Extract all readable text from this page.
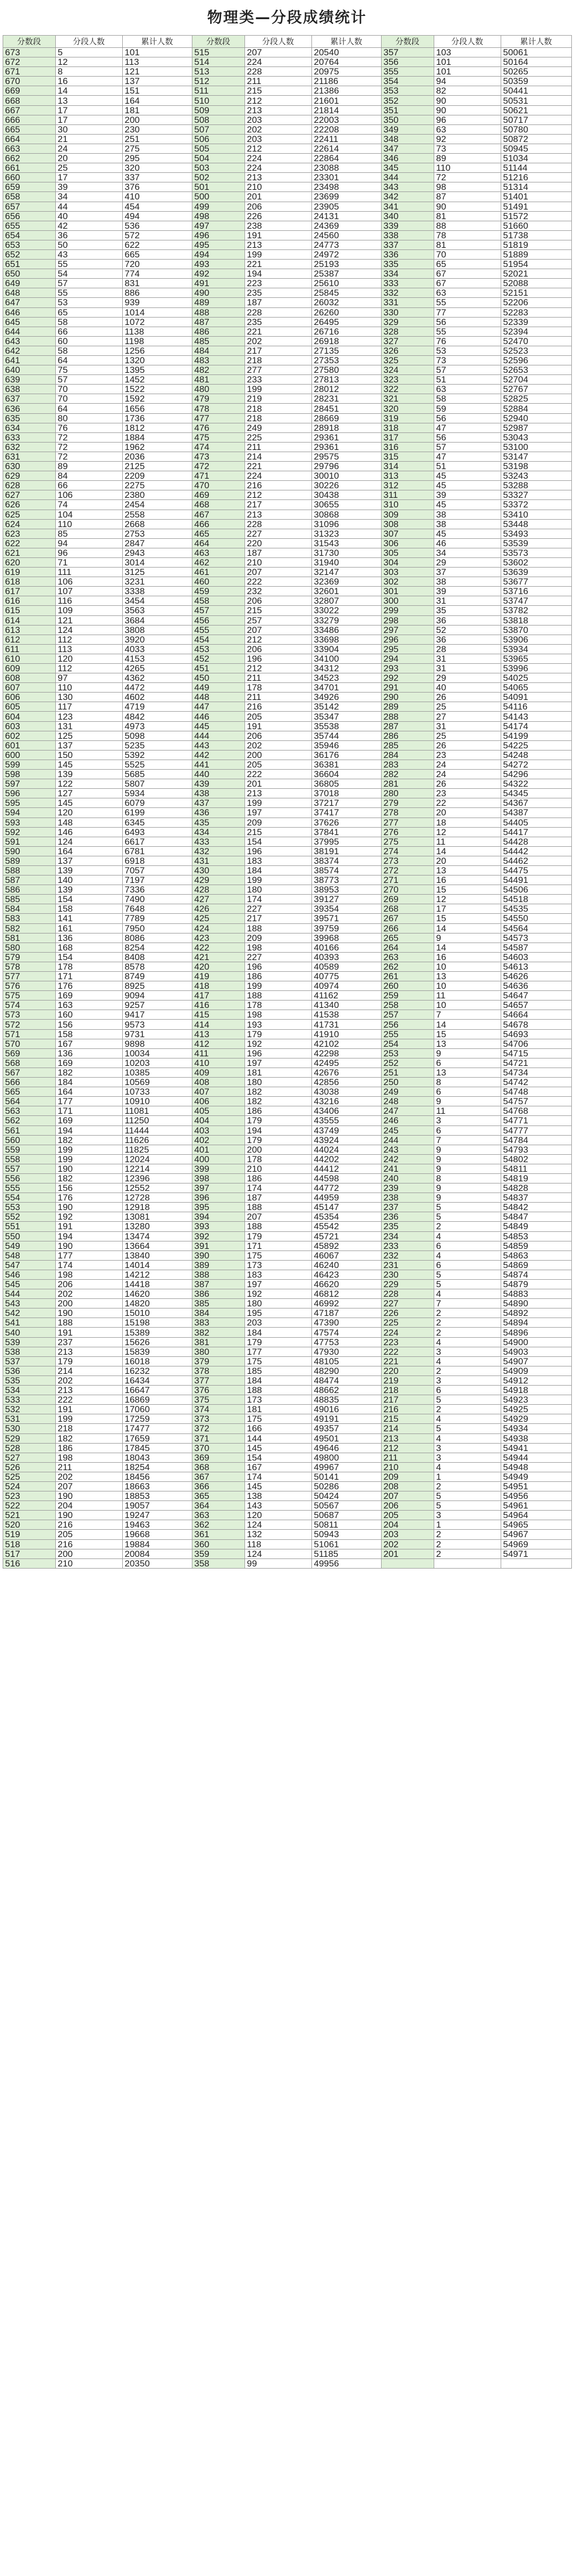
物理类—分段成绩统计
分数段	分段人数	累计人数	分数段	分段人数	累计人数	分数段	分段人数	累计人数
673	5	101	515	207	20540	357	103	50061
672	12	113	514	224	20764	356	101	50164
671	8	121	513	228	20975	355	101	50265
670	16	137	512	211	21186	354	94	50359
669	14	151	511	215	21386	353	82	50441
668	13	164	510	212	21601	352	90	50531
667	17	181	509	213	21814	351	90	50621
666	17	200	508	203	22003	350	96	50717
665	30	230	507	202	22208	349	63	50780
664	21	251	506	203	22411	348	92	50872
663	24	275	505	212	22614	347	73	50945
662	20	295	504	224	22864	346	89	51034
661	25	320	503	224	23088	345	110	51144
660	17	337	502	213	23301	344	72	51216
659	39	376	501	210	23498	343	98	51314
658	34	410	500	201	23699	342	87	51401
657	44	454	499	206	23905	341	90	51491
656	40	494	498	226	24131	340	81	51572
655	42	536	497	238	24369	339	88	51660
654	36	572	496	191	24560	338	78	51738
653	50	622	495	213	24773	337	81	51819
652	43	665	494	199	24972	336	70	51889
651	55	720	493	221	25193	335	65	51954
650	54	774	492	194	25387	334	67	52021
649	57	831	491	223	25610	333	67	52088
648	55	886	490	235	25845	332	63	52151
647	53	939	489	187	26032	331	55	52206
646	65	1014	488	228	26260	330	77	52283
645	58	1072	487	235	26495	329	56	52339
644	66	1138	486	221	26716	328	55	52394
643	60	1198	485	202	26918	327	76	52470
642	58	1256	484	217	27135	326	53	52523
641	64	1320	483	218	27353	325	73	52596
640	75	1395	482	277	27580	324	57	52653
639	57	1452	481	233	27813	323	51	52704
638	70	1522	480	199	28012	322	63	52767
637	70	1592	479	219	28231	321	58	52825
636	64	1656	478	218	28451	320	59	52884
635	80	1736	477	218	28669	319	56	52940
634	76	1812	476	249	28918	318	47	52987
633	72	1884	475	225	29361	317	56	53043
632	72	1962	474	211	29361	316	57	53100
631	72	2036	473	214	29575	315	47	53147
630	89	2125	472	221	29796	314	51	53198
629	84	2209	471	224	30010	313	45	53243
628	66	2275	470	216	30226	312	45	53288
627	106	2380	469	212	30438	311	39	53327
626	74	2454	468	217	30655	310	45	53372
625	104	2558	467	213	30868	309	38	53410
624	110	2668	466	228	31096	308	38	53448
623	85	2753	465	227	31323	307	45	53493
622	94	2847	464	220	31543	306	46	53539
621	96	2943	463	187	31730	305	34	53573
620	71	3014	462	210	31940	304	29	53602
619	111	3125	461	207	32147	303	37	53639
618	106	3231	460	222	32369	302	38	53677
617	107	3338	459	232	32601	301	39	53716
616	116	3454	458	206	32807	300	31	53747
615	109	3563	457	215	33022	299	35	53782
614	121	3684	456	257	33279	298	36	53818
613	124	3808	455	207	33486	297	52	53870
612	112	3920	454	212	33698	296	36	53906
611	113	4033	453	206	33904	295	28	53934
610	120	4153	452	196	34100	294	31	53965
609	112	4265	451	212	34312	293	31	53996
608	97	4362	450	211	34523	292	29	54025
607	110	4472	449	178	34701	291	40	54065
606	130	4602	448	211	34926	290	26	54091
605	117	4719	447	216	35142	289	25	54116
604	123	4842	446	205	35347	288	27	54143
603	131	4973	445	191	35538	287	31	54174
602	125	5098	444	206	35744	286	25	54199
601	137	5235	443	202	35946	285	26	54225
600	150	5392	442	200	36176	284	23	54248
599	145	5525	441	205	36381	283	24	54272
598	139	5685	440	222	36604	282	24	54296
597	122	5807	439	201	36805	281	26	54322
596	127	5934	438	213	37018	280	23	54345
595	145	6079	437	199	37217	279	22	54367
594	120	6199	436	197	37417	278	20	54387
593	148	6345	435	209	37626	277	18	54405
592	146	6493	434	215	37841	276	12	54417
591	124	6617	433	154	37995	275	11	54428
590	164	6781	432	196	38191	274	14	54442
589	137	6918	431	183	38374	273	20	54462
588	139	7057	430	184	38574	272	13	54475
587	140	7197	429	199	38773	271	16	54491
586	139	7336	428	180	38953	270	15	54506
585	154	7490	427	174	39127	269	12	54518
584	158	7648	426	227	39354	268	17	54535
583	141	7789	425	217	39571	267	15	54550
582	161	7950	424	188	39759	266	14	54564
581	136	8086	423	209	39968	265	9	54573
580	168	8254	422	198	40166	264	14	54587
579	154	8408	421	227	40393	263	16	54603
578	178	8578	420	196	40589	262	10	54613
577	171	8749	419	186	40775	261	13	54626
576	176	8925	418	199	40974	260	10	54636
575	169	9094	417	188	41162	259	11	54647
574	163	9257	416	178	41340	258	10	54657
573	160	9417	415	198	41538	257	7	54664
572	156	9573	414	193	41731	256	14	54678
571	158	9731	413	179	41910	255	15	54693
570	167	9898	412	192	42102	254	13	54706
569	136	10034	411	196	42298	253	9	54715
568	169	10203	410	197	42495	252	6	54721
567	182	10385	409	181	42676	251	13	54734
566	184	10569	408	180	42856	250	8	54742
565	164	10733	407	182	43038	249	6	54748
564	177	10910	406	182	43216	248	9	54757
563	171	11081	405	186	43406	247	11	54768
562	169	11250	404	179	43555	246	3	54771
561	194	11444	403	194	43749	245	6	54777
560	182	11626	402	179	43924	244	7	54784
559	199	11825	401	200	44024	243	9	54793
558	199	12024	400	178	44202	242	9	54802
557	190	12214	399	210	44412	241	9	54811
556	182	12396	398	186	44598	240	8	54819
555	156	12552	397	174	44772	239	9	54828
554	176	12728	396	187	44959	238	9	54837
553	190	12918	395	188	45147	237	5	54842
552	192	13081	394	207	45354	236	5	54847
551	191	13280	393	188	45542	235	2	54849
550	194	13474	392	179	45721	234	4	54853
549	190	13664	391	171	45892	233	6	54859
548	177	13840	390	175	46067	232	4	54863
547	174	14014	389	173	46240	231	6	54869
546	198	14212	388	183	46423	230	5	54874
545	206	14418	387	197	46620	229	5	54879
544	202	14620	386	192	46812	228	4	54883
543	200	14820	385	180	46992	227	7	54890
542	190	15010	384	195	47187	226	2	54892
541	188	15198	383	203	47390	225	2	54894
540	191	15389	382	184	47574	224	2	54896
539	237	15626	381	179	47753	223	4	54900
538	213	15839	380	177	47930	222	3	54903
537	179	16018	379	175	48105	221	4	54907
536	214	16232	378	185	48290	220	2	54909
535	202	16434	377	184	48474	219	3	54912
534	213	16647	376	188	48662	218	6	54918
533	222	16869	375	173	48835	217	5	54923
532	191	17060	374	181	49016	216	2	54925
531	199	17259	373	175	49191	215	4	54929
530	218	17477	372	166	49357	214	5	54934
529	182	17659	371	144	49501	213	4	54938
528	186	17845	370	145	49646	212	3	54941
527	198	18043	369	154	49800	211	3	54944
526	211	18254	368	167	49967	210	4	54948
525	202	18456	367	174	50141	209	1	54949
524	207	18663	366	145	50286	208	2	54951
523	190	18853	365	138	50424	207	5	54956
522	204	19057	364	143	50567	206	5	54961
521	190	19247	363	120	50687	205	3	54964
520	216	19463	362	124	50811	204	1	54965
519	205	19668	361	132	50943	203	2	54967
518	216	19884	360	118	51061	202	2	54969
517	200	20084	359	124	51185	201	2	54971
516	210	20350	358	99	49956			
